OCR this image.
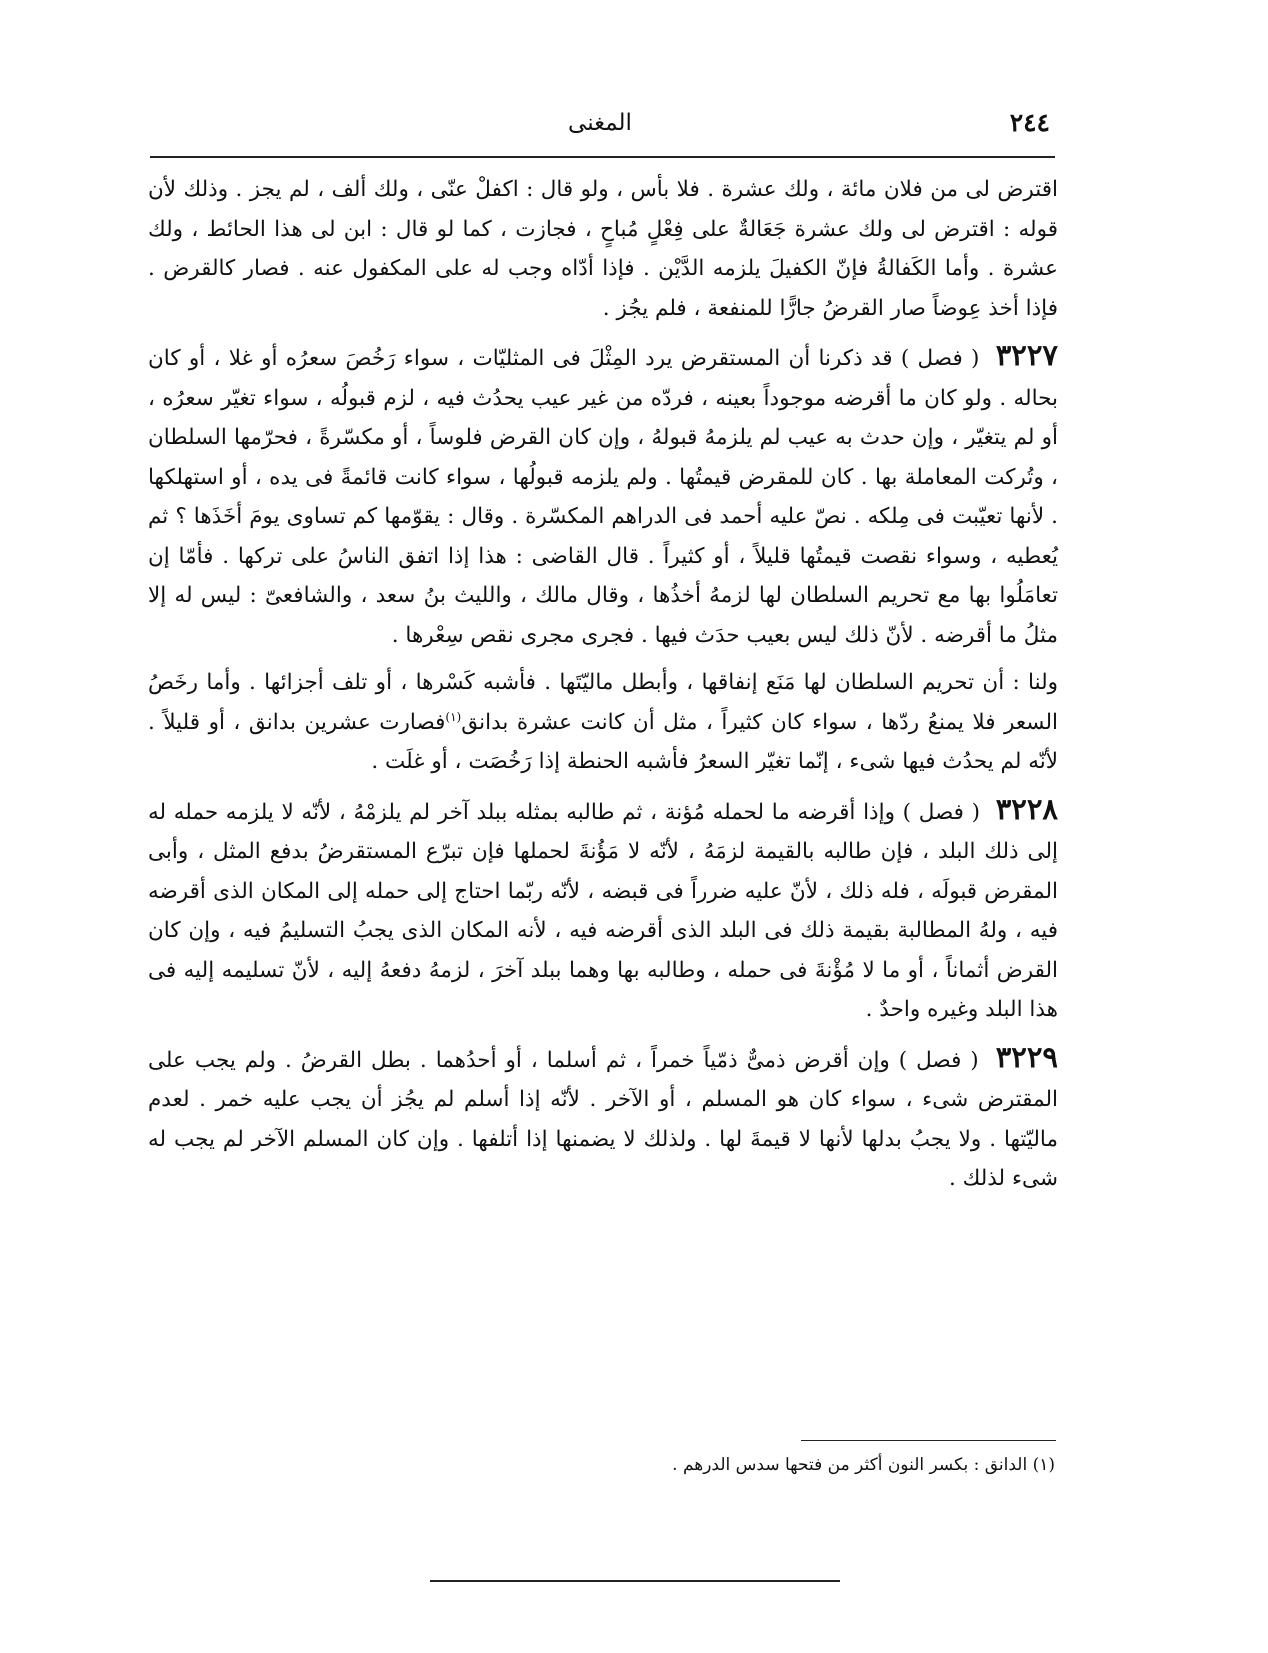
٢٤٤
المغنى

اقترض لى من فلان مائة ، ولك عشرة . فلا بأس ، ولو قال : اكفلْ عنّى ، ولك ألف ، لم يجز . وذلك لأن قوله : اقترض لى ولك عشرة جَعَالةٌ على فِعْلٍ مُباحٍ ، فجازت ، كما لو قال : ابن لى هذا الحائط ، ولك عشرة . وأما الكَفالةُ فإنّ الكفيلَ يلزمه الدَّيْن . فإذا أدّاه وجب له على المكفول عنه . فصار كالقرض . فإذا أخذ عِوضاً صار القرضُ جارًّا للمنفعة ، فلم يجُز .

٣٢٢٧ ( فصل ) قد ذكرنا أن المستقرض يرد المِثْلَ فى المثليّات ، سواء رَخُصَ سعرُه أو غلا ، أو كان بحاله . ولو كان ما أقرضه موجوداً بعينه ، فردّه من غير عيب يحدُث فيه ، لزم قبولُه ، سواء تغيّر سعرُه ، أو لم يتغيّر ، وإن حدث به عيب لم يلزمهُ قبولهُ ، وإن كان القرض فلوساً ، أو مكسّرةً ، فحرّمها السلطان ، وتُركت المعاملة بها . كان للمقرض قيمتُها . ولم يلزمه قبولُها ، سواء كانت قائمةً فى يده ، أو استهلكها . لأنها تعيّبت فى مِلكه . نصّ عليه أحمد فى الدراهم المكسّرة . وقال : يقوّمها كم تساوى يومَ أخَذَها ؟ ثم يُعطيه ، وسواء نقصت قيمتُها قليلاً ، أو كثيراً . قال القاضى : هذا إذا اتفق الناسُ على تركها . فأمّا إن تعامَلُوا بها مع تحريم السلطان لها لزمهُ أخذُها ، وقال مالك ، والليث بنُ سعد ، والشافعىّ : ليس له إلا مثلُ ما أقرضه . لأنّ ذلك ليس بعيب حدَث فيها . فجرى مجرى نقص سِعْرها .

ولنا : أن تحريم السلطان لها مَنَع إنفاقها ، وأبطل ماليّتَها . فأشبه كَسْرها ، أو تلف أجزائها . وأما رخَصُ السعر فلا يمنعُ ردّها ، سواء كان كثيراً ، مثل أن كانت عشرة بدانق$^{(١)}$فصارت عشرين بدانق ، أو قليلاً . لأنّه لم يحدُث فيها شىء ، إنّما تغيّر السعرُ فأشبه الحنطة إذا رَخُصَت ، أو غلَت .

٣٢٢٨ ( فصل ) وإذا أقرضه ما لحمله مُؤنة ، ثم طالبه بمثله ببلد آخر لم يلزمْهُ ، لأنّه لا يلزمه حمله له إلى ذلك البلد ، فإن طالبه بالقيمة لزمَهُ ، لأنّه لا مَؤُنةَ لحملها فإن تبرّع المستقرضُ بدفع المثل ، وأبى المقرض قبولَه ، فله ذلك ، لأنّ عليه ضرراً فى قبضه ، لأنّه ربّما احتاج إلى حمله إلى المكان الذى أقرضه فيه ، ولهُ المطالبة بقيمة ذلك فى البلد الذى أقرضه فيه ، لأنه المكان الذى يجبُ التسليمُ فيه ، وإن كان القرض أثماناً ، أو ما لا مُؤْنةَ فى حمله ، وطالبه بها وهما ببلد آخرَ ، لزمهُ دفعهُ إليه ، لأنّ تسليمه إليه فى هذا البلد وغيره واحدٌ .

٣٢٢٩ ( فصل ) وإن أقرض ذمىٌّ ذمّياً خمراً ، ثم أسلما ، أو أحدُهما . بطل القرضُ . ولم يجب على المقترض شىء ، سواء كان هو المسلم ، أو الآخر . لأنّه إذا أسلم لم يجُز أن يجب عليه خمر . لعدم ماليّتها . ولا يجبُ بدلها لأنها لا قيمةَ لها . ولذلك لا يضمنها إذا أتلفها . وإن كان المسلم الآخر لم يجب له شىء لذلك .

(١) الدانق : بكسر النون أكثر من فتحها سدس الدرهم .
